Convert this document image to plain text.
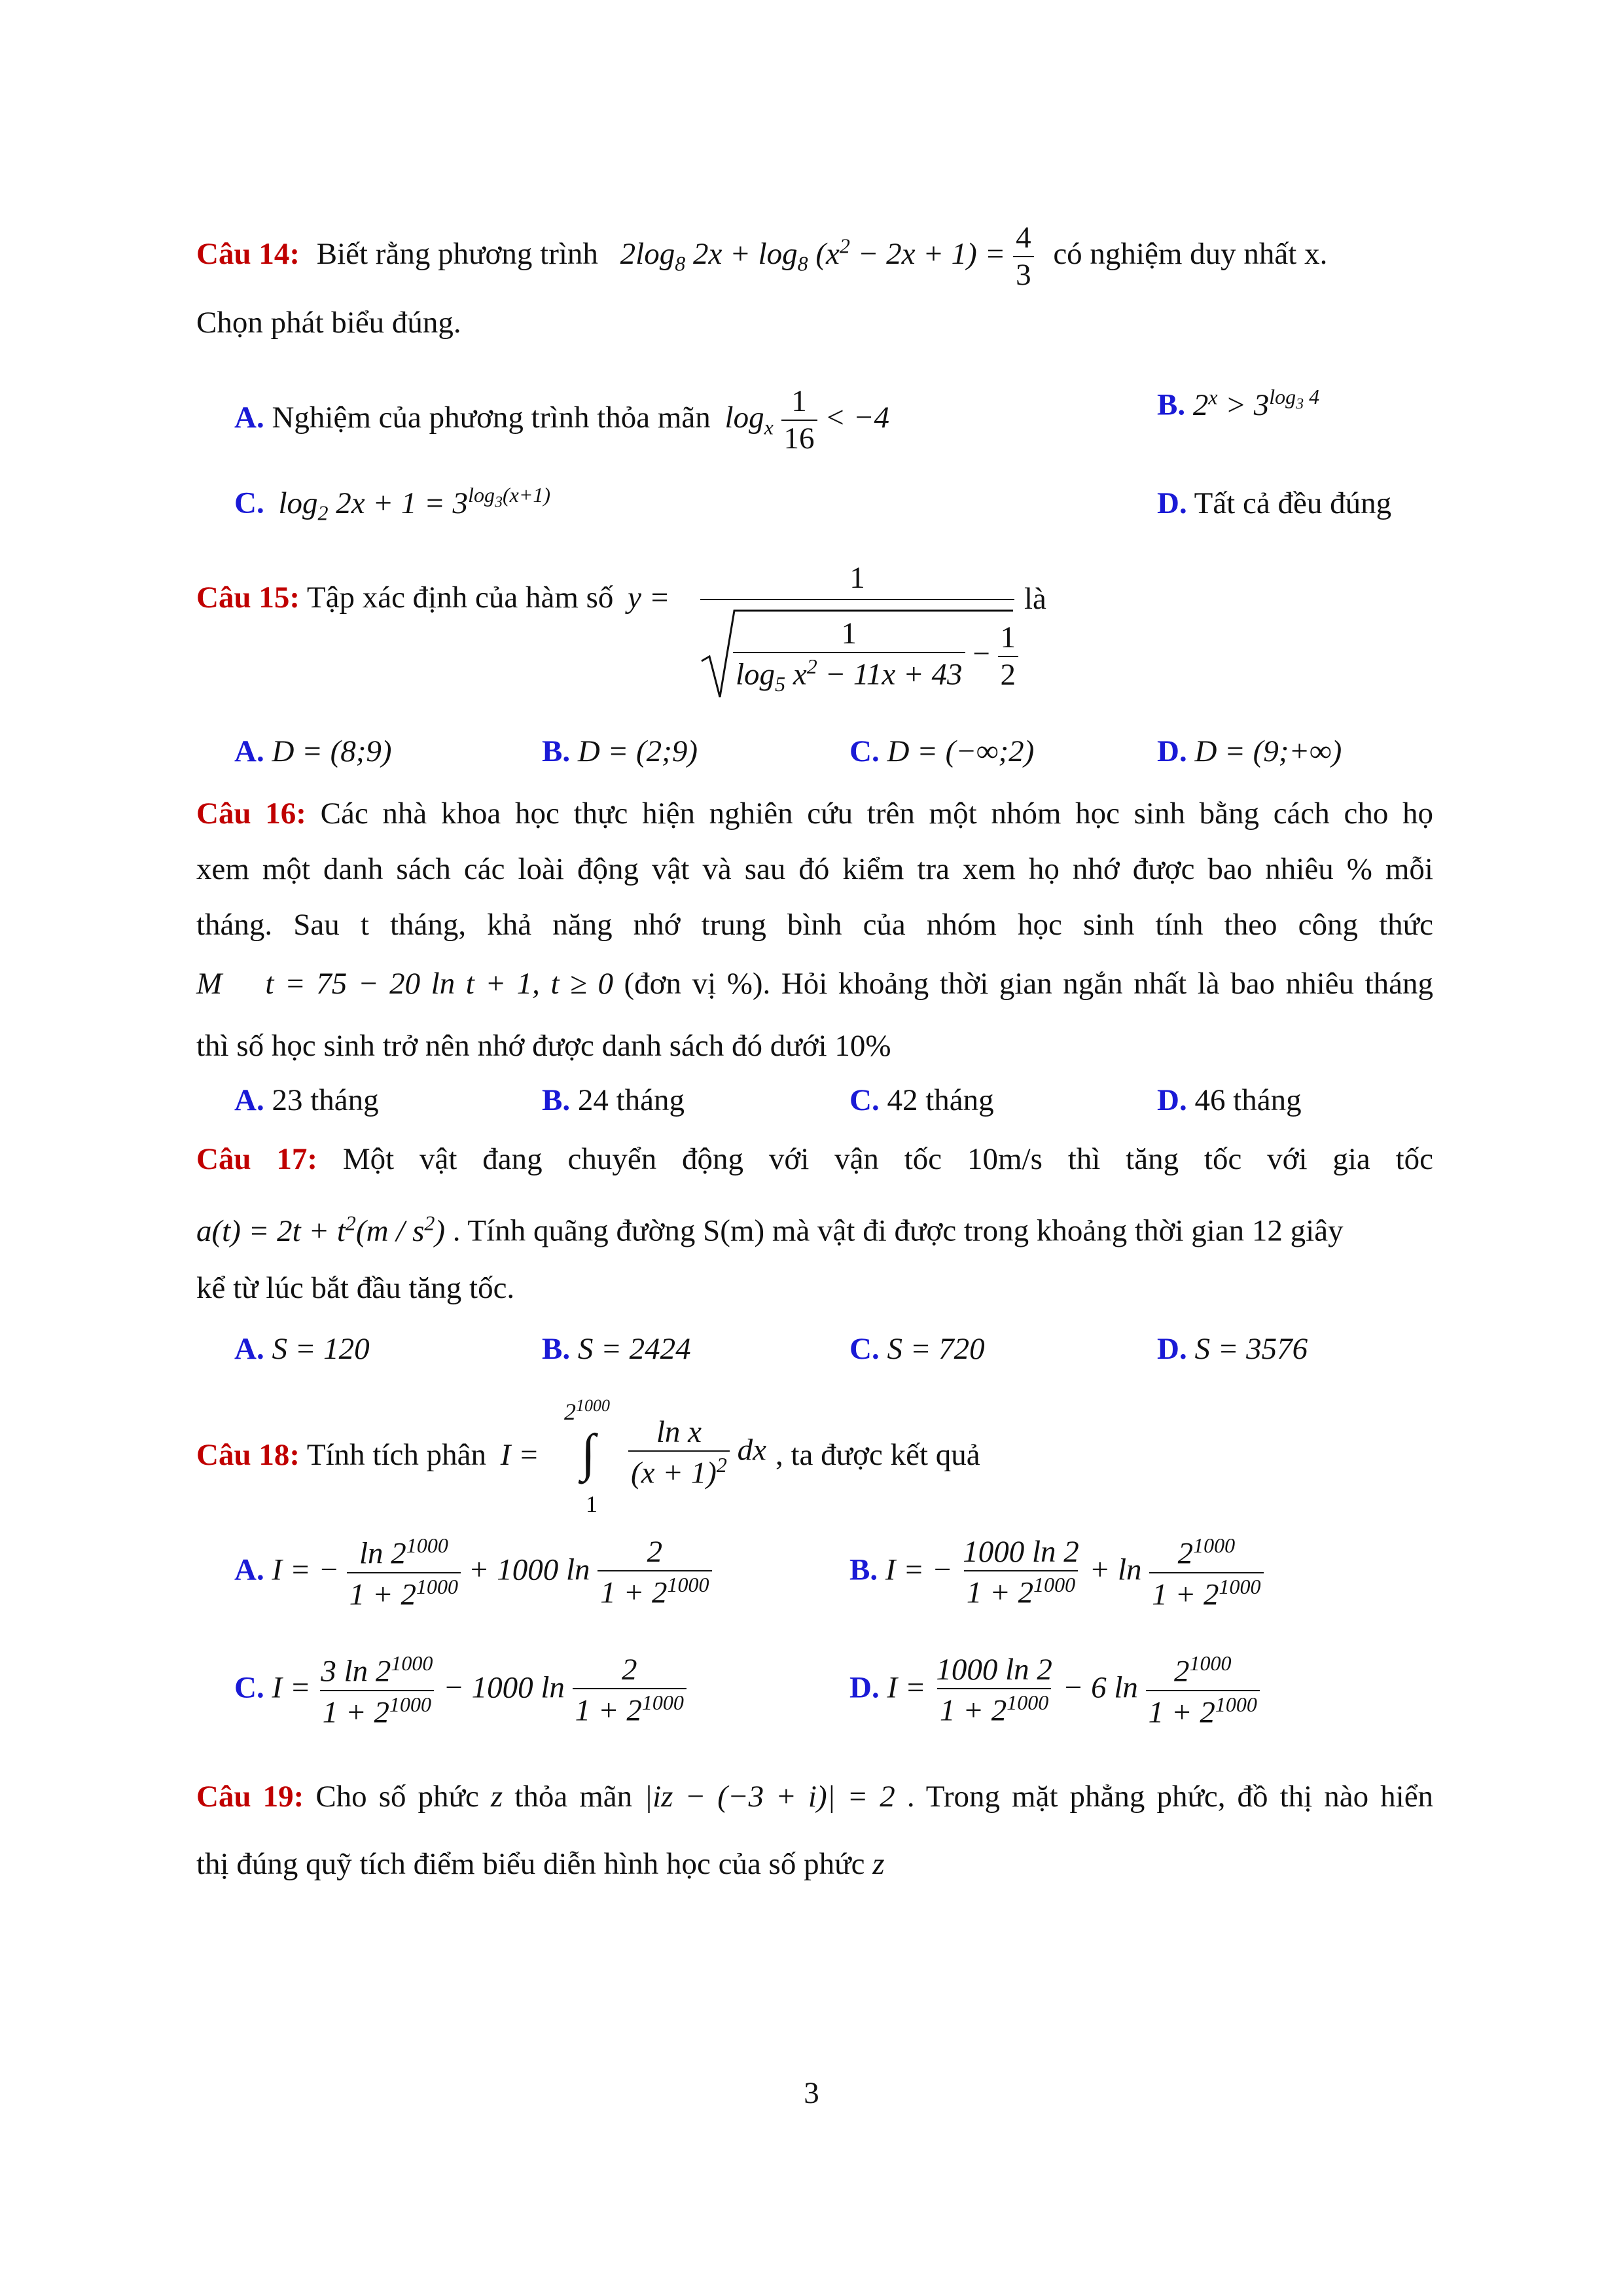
Câu 14: Biết rằng phương trình $2\log_8$ $2x + \log_8 (x^2 - 2x + 1) = \frac{4}{3}$ có nghiệm duy nhất x.
Chọn phát biểu đúng.
A. Nghiệm của phương trình thỏa mãn $\log_x \frac{1}{16} < -4$	B. $2^x > 3^{log_3 4}$
C. $\log_2 2x + 1 = 3^{log_3(x+1)}$	D. Tất cả đều đúng
Câu 15: Tập xác định của hàm số y =
1
$\frac{1}{\log_5 x^2 - 11x + 43} - \frac{1}{2}$
là
A. D = (8;9)	B. D = (2;9)	C. D = (−∞;2)	D. D = (9;+∞)
Câu 16: Các nhà khoa học thực hiện nghiên cứu trên một nhóm học sinh bằng cách cho họ
xem một danh sách các loài động vật và sau đó kiểm tra xem họ nhớ được bao nhiêu % mỗi
tháng. Sau t tháng, khả năng nhớ trung bình của nhóm học sinh tính theo công thức
M    t = 75 − 20 ln t + 1, t ≥ 0 (đơn vị %). Hỏi khoảng thời gian ngắn nhất là bao nhiêu tháng
thì số học sinh trở nên nhớ được danh sách đó dưới 10%
A. 23 tháng	B. 24 tháng	C. 42 tháng	D. 46 tháng
Câu 17: Một vật đang chuyển động với vận tốc 10m/s thì tăng tốc với gia tốc
$a(t) = 2t + t^2(m / s^2)$ . Tính quãng đường S(m) mà vật đi được trong khoảng thời gian 12 giây
kể từ lúc bắt đầu tăng tốc.
A. S = 120	B. S = 2424	C. S = 720	D. S = 3576
Câu 18: Tính tích phân I =
$2^{1000}$
∫
1
$\frac{\text{ln x}}{(x + 1)^2}$ dx , ta được kết quả
A. I = − $\frac{\ln 2^{1000}}{1 + 2^{1000}} + 1000$ $\ln \frac{2}{1 + 2^{1000}}$	B. I = − $\frac{1000 \ln 2}{1 + 2^{1000}} + \ln \frac{2^{1000}}{1 + 2^{1000}}$
C. $I = \frac{3 \ln 2^{1000}}{1 + 2^{1000}} - 1000$ $\ln \frac{2}{1 + 2^{1000}}$	D. $I = \frac{1000 \ln 2}{1 + 2^{1000}} - 6$ $\ln \frac{2^{1000}}{1 + 2^{1000}}$
Câu 19: Cho số phức z thỏa mãn |iz − (−3 + i)| = 2 . Trong mặt phẳng phức, đồ thị nào hiển
thị đúng quỹ tích điểm biểu diễn hình học của số phức z
3
